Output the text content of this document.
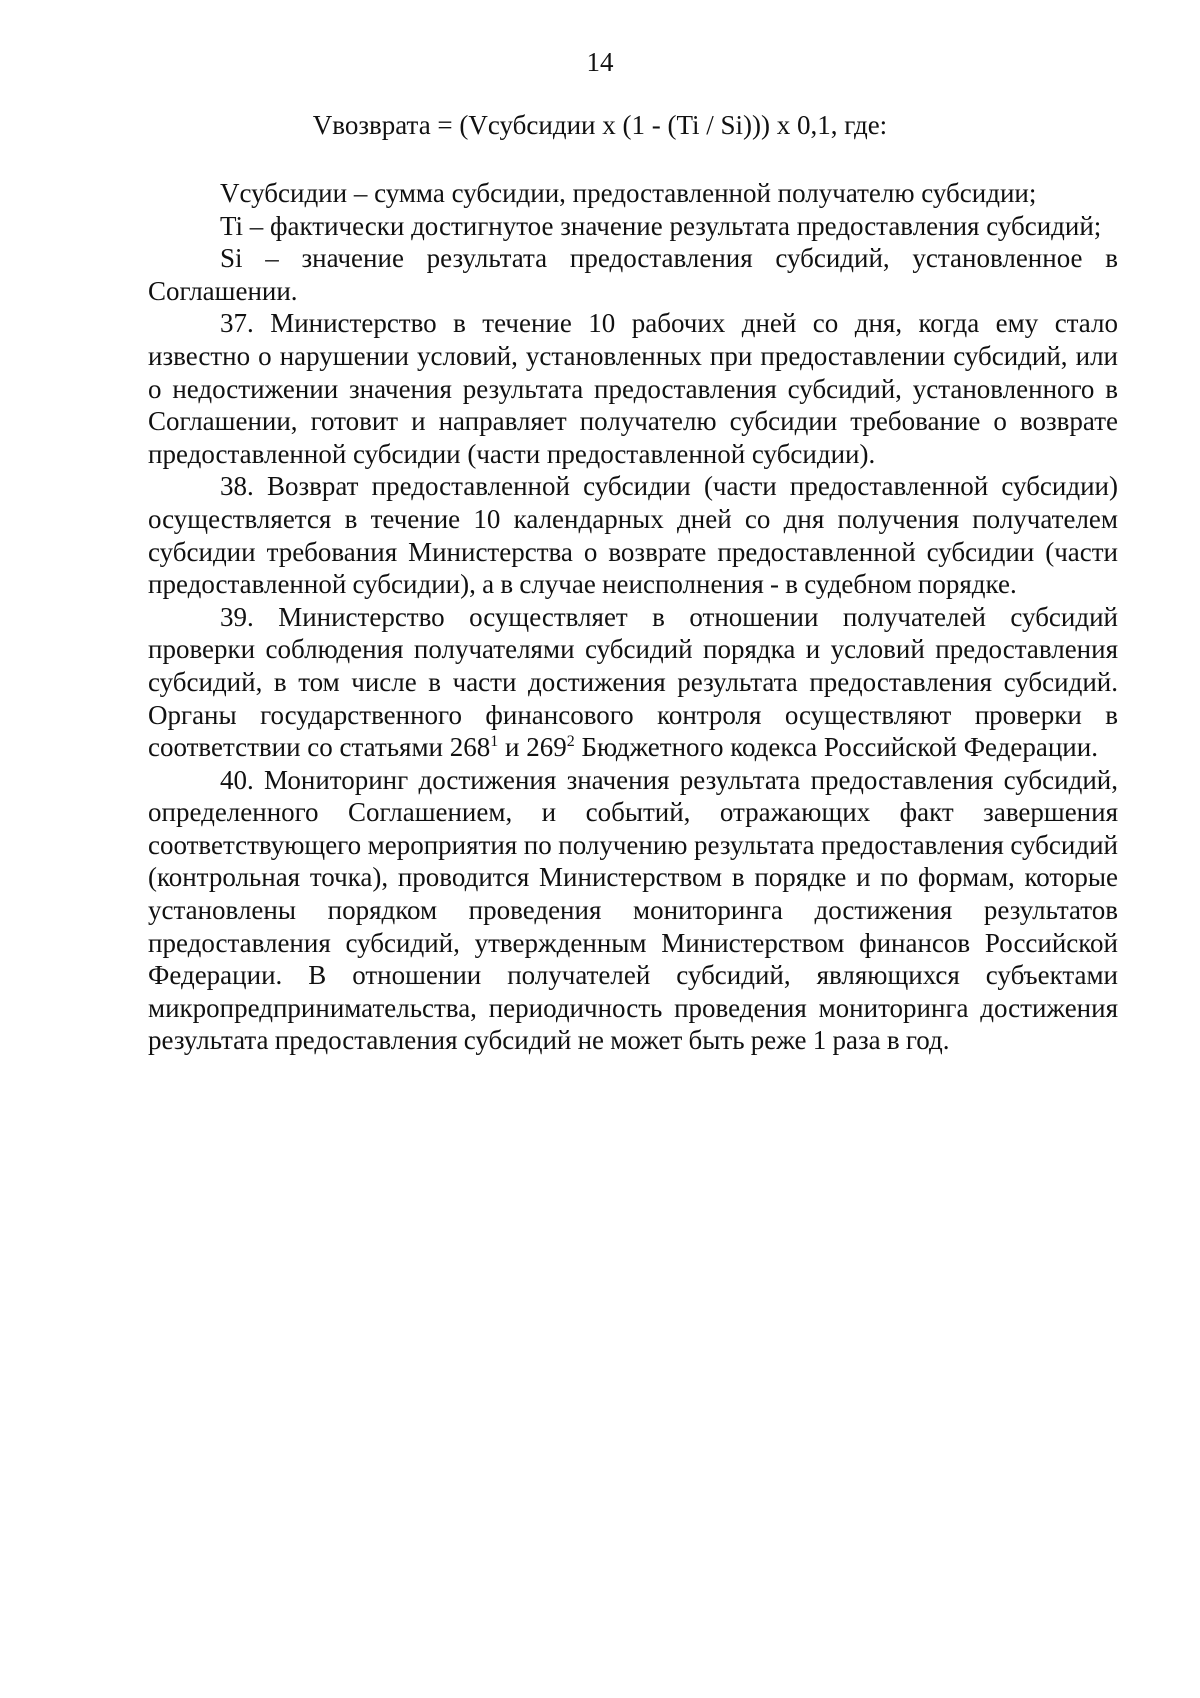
14
Vвозврата = (Vсубсидии x (1 - (Ti / Si))) x 0,1, где:

Vсубсидии – сумма субсидии, предоставленной получателю субсидии;

Ti – фактически достигнутое значение результата предоставления субсидий;

Si – значение результата предоставления субсидий, установленное в Соглашении.

37. Министерство в течение 10 рабочих дней со дня, когда ему стало известно о нарушении условий, установленных при предоставлении субсидий, или о недостижении значения результата предоставления субсидий, установленного в Соглашении, готовит и направляет получателю субсидии требование о возврате предоставленной субсидии (части предоставленной субсидии).

38. Возврат предоставленной субсидии (части предоставленной субсидии) осуществляется в течение 10 календарных дней со дня получения получателем субсидии требования Министерства о возврате предоставленной субсидии (части предоставленной субсидии), а в случае неисполнения - в судебном порядке.

39. Министерство осуществляет в отношении получателей субсидий проверки соблюдения получателями субсидий порядка и условий предоставления субсидий, в том числе в части достижения результата предоставления субсидий. Органы государственного финансового контроля осуществляют проверки в соответствии со статьями $268^1$ и $269^2$ Бюджетного кодекса Российской Федерации.

40. Мониторинг достижения значения результата предоставления субсидий, определенного Соглашением, и событий, отражающих факт завершения соответствующего мероприятия по получению результата предоставления субсидий (контрольная точка), проводится Министерством в порядке и по формам, которые установлены порядком проведения мониторинга достижения результатов предоставления субсидий, утвержденным Министерством финансов Российской Федерации. В отношении получателей субсидий, являющихся субъектами микропредпринимательства, периодичность проведения мониторинга достижения результата предоставления субсидий не может быть реже 1 раза в год.
